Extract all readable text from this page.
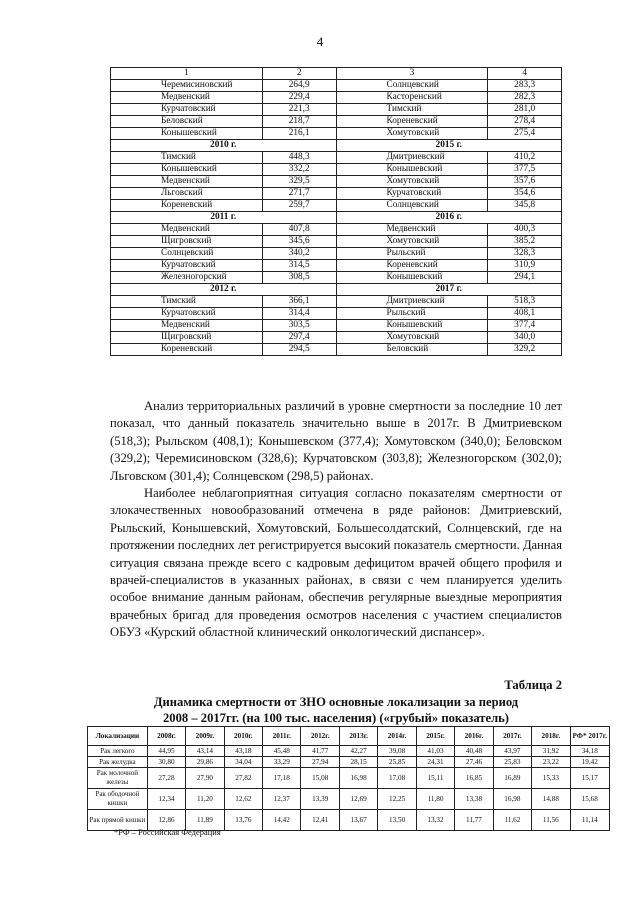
4
1	2	3	4
Черемисиновский	264,9	Солнцевский	283,3
Медвенский	229,4	Касторенский	282,3
Курчатовский	221,3	Тимский	281,0
Беловский	218,7	Кореневский	278,4
Конышевский	216,1	Хомутовский	275,4
2010 г.		2015 г.	
Тимский	448,3	Дмитриевский	410,2
Конышевский	332,2	Конышевский	377,5
Медвенский	329,5	Хомутовский	357,6
Льговский	271,7	Курчатовский	354,6
Кореневский	259,7	Солнцевский	345,8
2011 г.		2016 г.	
Медвенский	407,8	Медвенский	400,3
Щигровский	345,6	Хомутовский	385,2
Солнцевский	340,2	Рыльский	328,3
Курчатовский	314,5	Кореневский	310,9
Железногорский	308,5	Конышевский	294,1
2012 г.		2017 г.	
Тимский	366,1	Дмитриевский	518,3
Курчатовский	314,4	Рыльский	408,1
Медвенский	303,5	Конышевский	377,4
Щигровский	297,4	Хомутовский	340,0
Кореневский	294,5	Беловский	329,2

Анализ территориальных различий в уровне смертности за последние 10 лет показал, что данный показатель значительно выше в 2017г. В Дмитриевском (518,3); Рыльском (408,1); Конышевском (377,4); Хомутовском (340,0); Беловском (329,2); Черемисиновском (328,6); Курчатовском (303,8); Железногорском (302,0); Льговском (301,4); Солнцевском (298,5) районах.

Наиболее неблагоприятная ситуация согласно показателям смертности от злокачественных новообразований отмечена в ряде районов: Дмитриевский, Рыльский, Конышевский, Хомутовский, Большесолдатский, Солнцевский, где на протяжении последних лет регистрируется высокий показатель смертности. Данная ситуация связана прежде всего с кадровым дефицитом врачей общего профиля и врачей-специалистов в указанных районах, в связи с чем планируется уделить особое внимание данным районам, обеспечив регулярные выездные мероприятия врачебных бригад для проведения осмотров населения с участием специалистов ОБУЗ «Курский областной клинический онкологический диспансер».

Таблица 2
Динамика смертности от ЗНО основные локализации за период
2008 – 2017гг. (на 100 тыс. населения) («грубый» показатель)
Локализации	2008г.	2009г.	2010г.	2011г.	2012г.	2013г.	2014г.	2015г.	2016г.	2017г.	2018г.	РФ* 2017г.
Рак легкого	44,95	43,14	43,18	45,48	41,77	42,27	39,08	41,03	40,48	43,97	31,92	34,18
Рак желудка	30,80	29,86	34,04	33,29	27,94	28,15	25,85	24,31	27,46	25,83	23,22	19,42
Рак молочной железы	27,28	27,90	27,82	17,18	15,08	16,98	17,08	15,11	16,85	16,89	15,33	15,17
Рак ободочной кишки	12,34	11,20	12,62	12,37	13,39	12,69	12,25	11,80	13,38	16,98	14,88	15,68
Рак прямой кишки	12,86	11,89	13,76	14,42	12,41	13,67	13,50	13,32	11,77	11,62	11,56	11,14
*РФ – Российская Федерация
